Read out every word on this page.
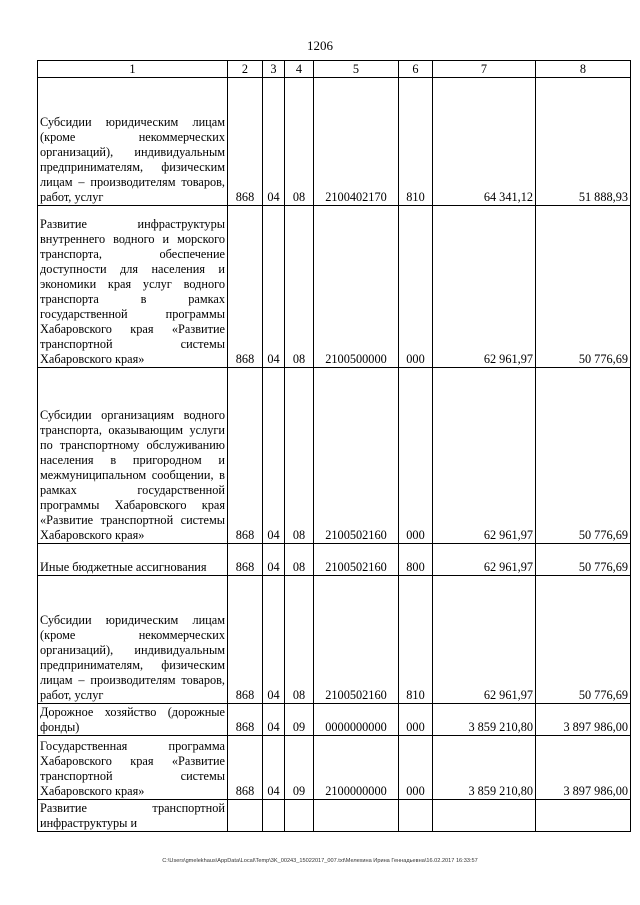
1206
1	2	3	4	5	6	7	8
Субсидии юридическим лицам (кроме некоммерческих организаций), индивидуальным предпринимателям, физическим лицам – производителям товаров, работ, услуг	868	04	08	2100402170	810	64 341,12	51 888,93
Развитие инфраструктуры внутреннего водного и морского транспорта, обеспечение доступности для населения и экономики края услуг водного транспорта в рамках государственной программы Хабаровского края «Развитие транспортной системы Хабаровского края»	868	04	08	2100500000	000	62 961,97	50 776,69
Субсидии организациям водного транспорта, оказывающим услуги по транспортному обслуживанию населения в пригородном и межмуниципальном сообщении, в рамках государственной программы Хабаровского края «Развитие транспортной системы Хабаровского края»	868	04	08	2100502160	000	62 961,97	50 776,69
Иные бюджетные ассигнования	868	04	08	2100502160	800	62 961,97	50 776,69
Субсидии юридическим лицам (кроме некоммерческих организаций), индивидуальным предпринимателям, физическим лицам – производителям товаров, работ, услуг	868	04	08	2100502160	810	62 961,97	50 776,69
Дорожное хозяйство (дорожные фонды)	868	04	09	0000000000	000	3 859 210,80	3 897 986,00
Государственная программа Хабаровского края «Развитие транспортной системы Хабаровского края»	868	04	09	2100000000	000	3 859 210,80	3 897 986,00
Развитие транспортной инфраструктуры и							
C:\Users\gmelekhaus\AppData\Local\Temp\3K_00243_15022017_007.txt\Мелехина Ирина Геннадьевна\16.02.2017 16:33:57
